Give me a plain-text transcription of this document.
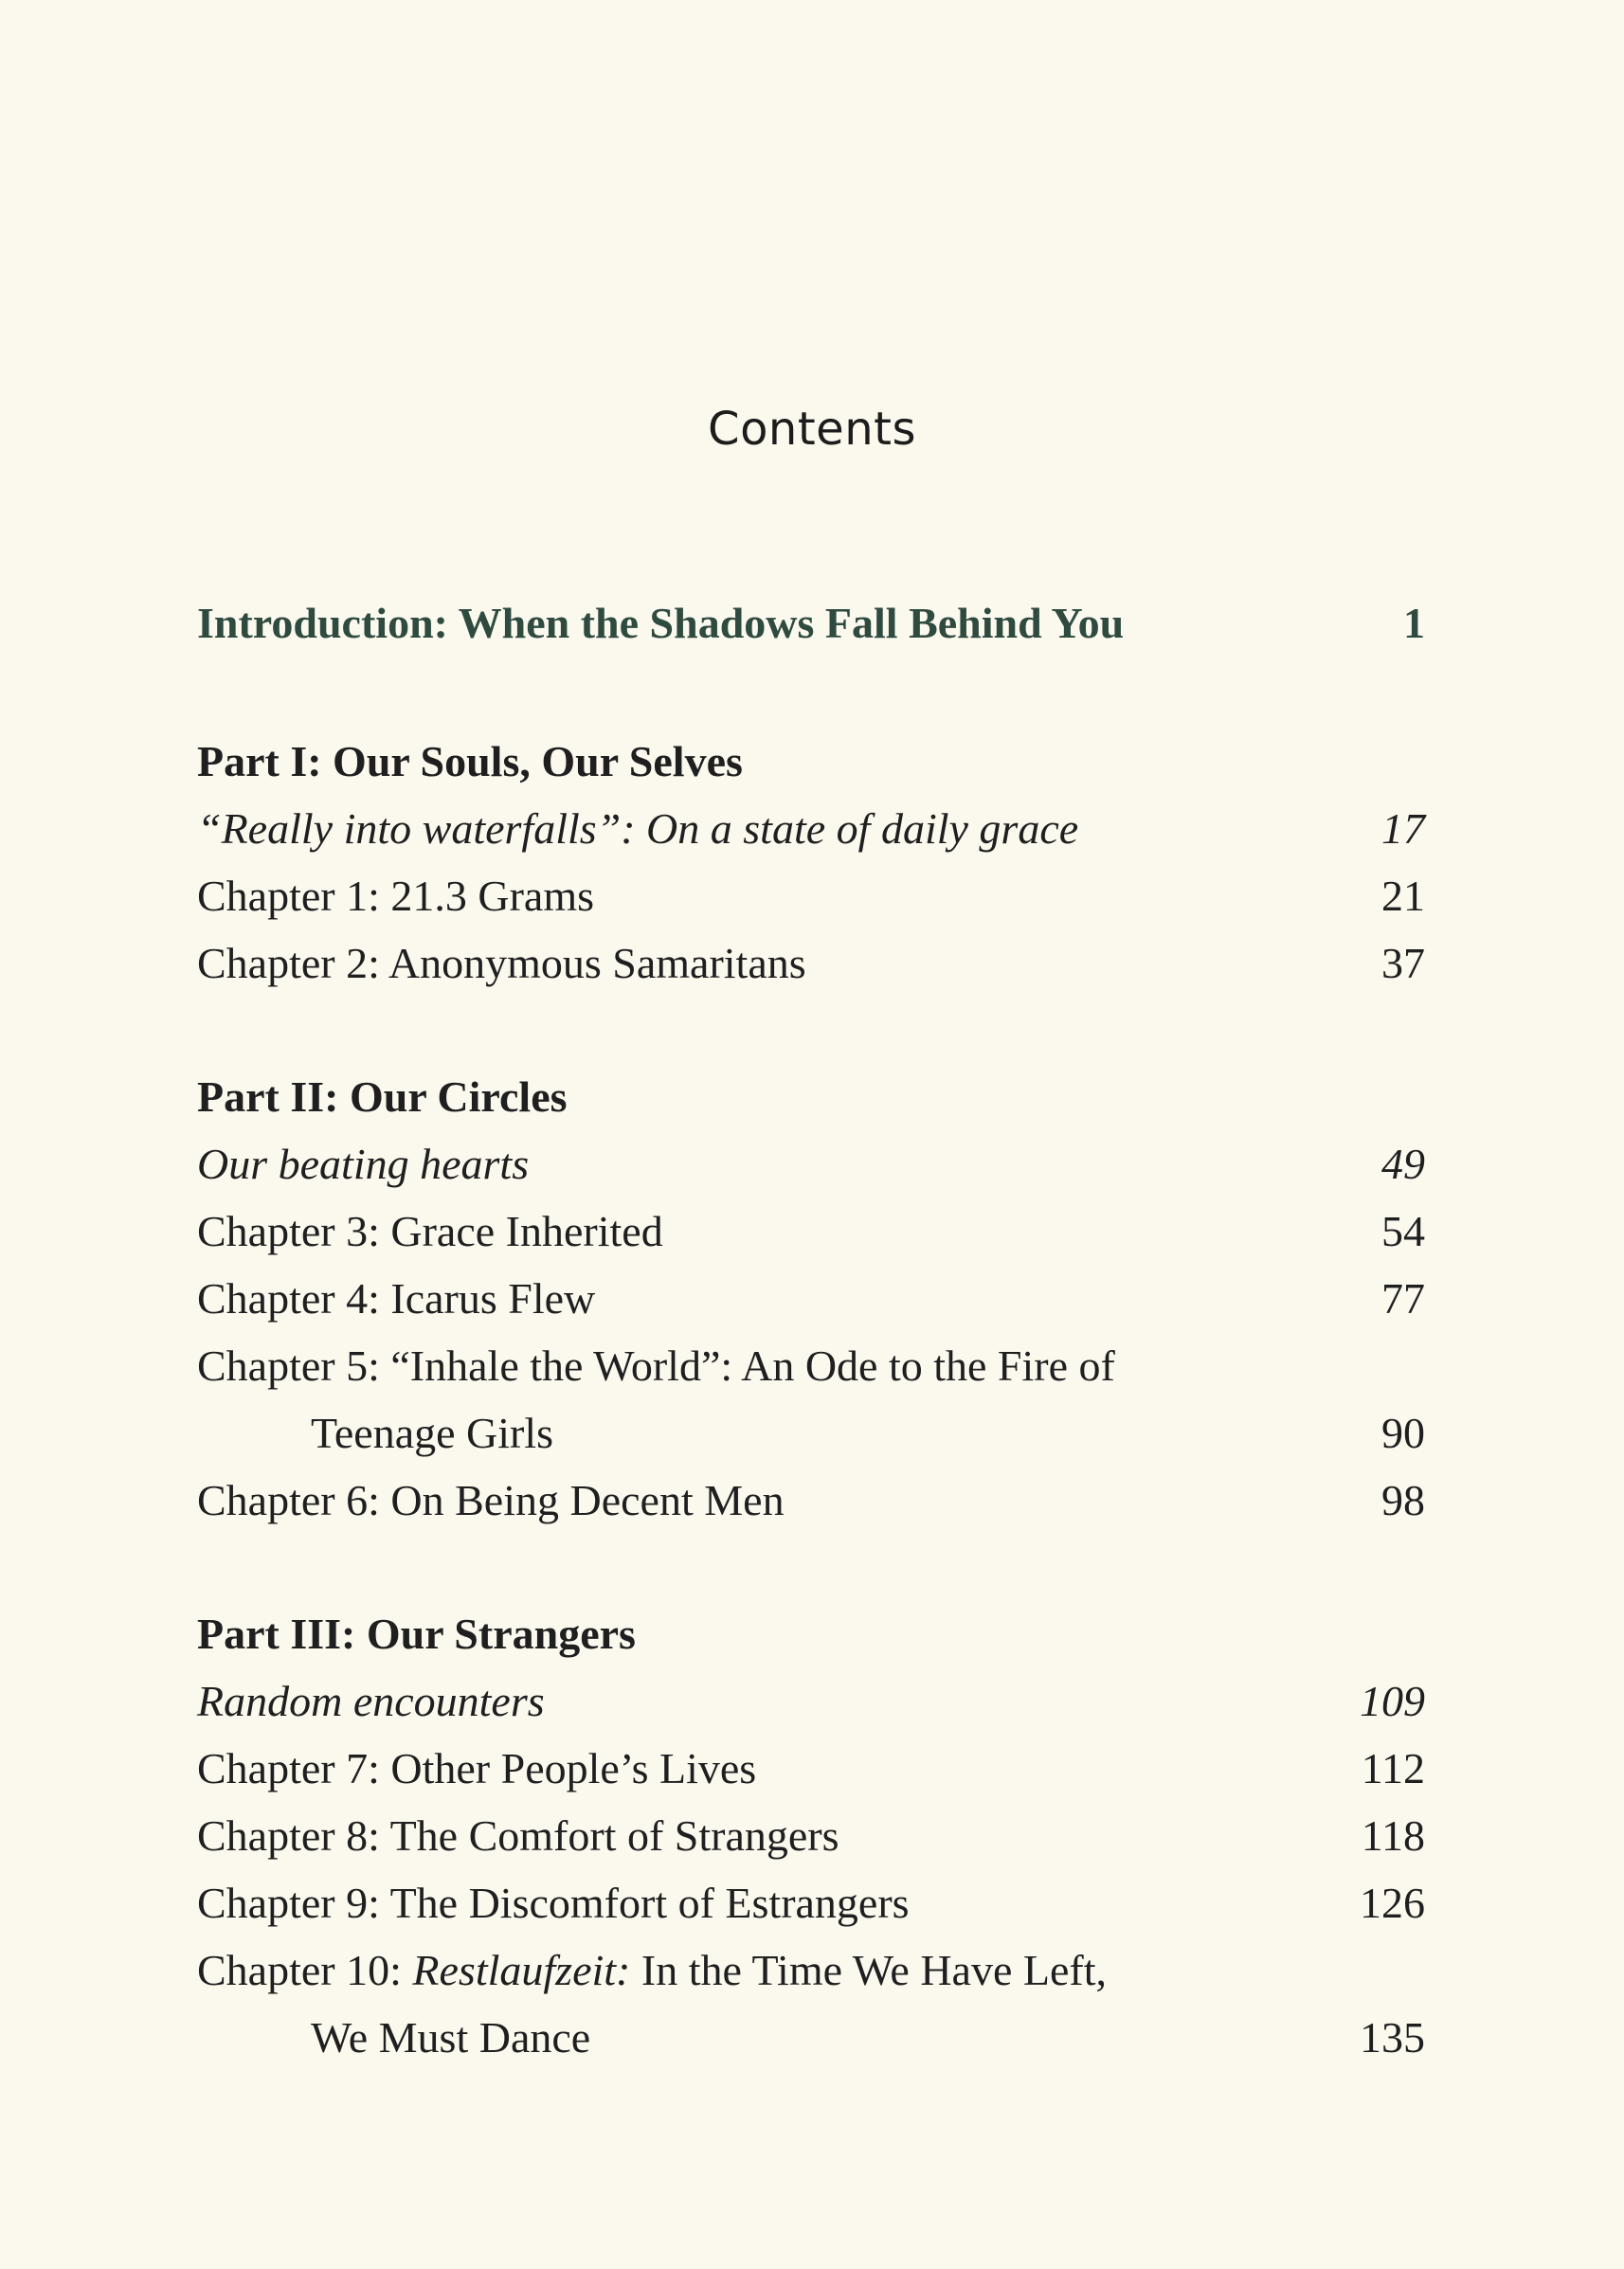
Contents
Introduction: When the Shadows Fall Behind You	1
Part I: Our Souls, Our Selves
“Really into waterfalls”: On a state of daily grace	17
Chapter 1: 21.3 Grams	21
Chapter 2: Anonymous Samaritans	37
Part II: Our Circles
Our beating hearts	49
Chapter 3: Grace Inherited	54
Chapter 4: Icarus Flew	77
Chapter 5: “Inhale the World”: An Ode to the Fire of
Teenage Girls	90
Chapter 6: On Being Decent Men	98
Part III: Our Strangers
Random encounters	109
Chapter 7: Other People’s Lives	112
Chapter 8: The Comfort of Strangers	118
Chapter 9: The Discomfort of Estrangers	126
Chapter 10: Restlaufzeit: In the Time We Have Left,
We Must Dance	135
